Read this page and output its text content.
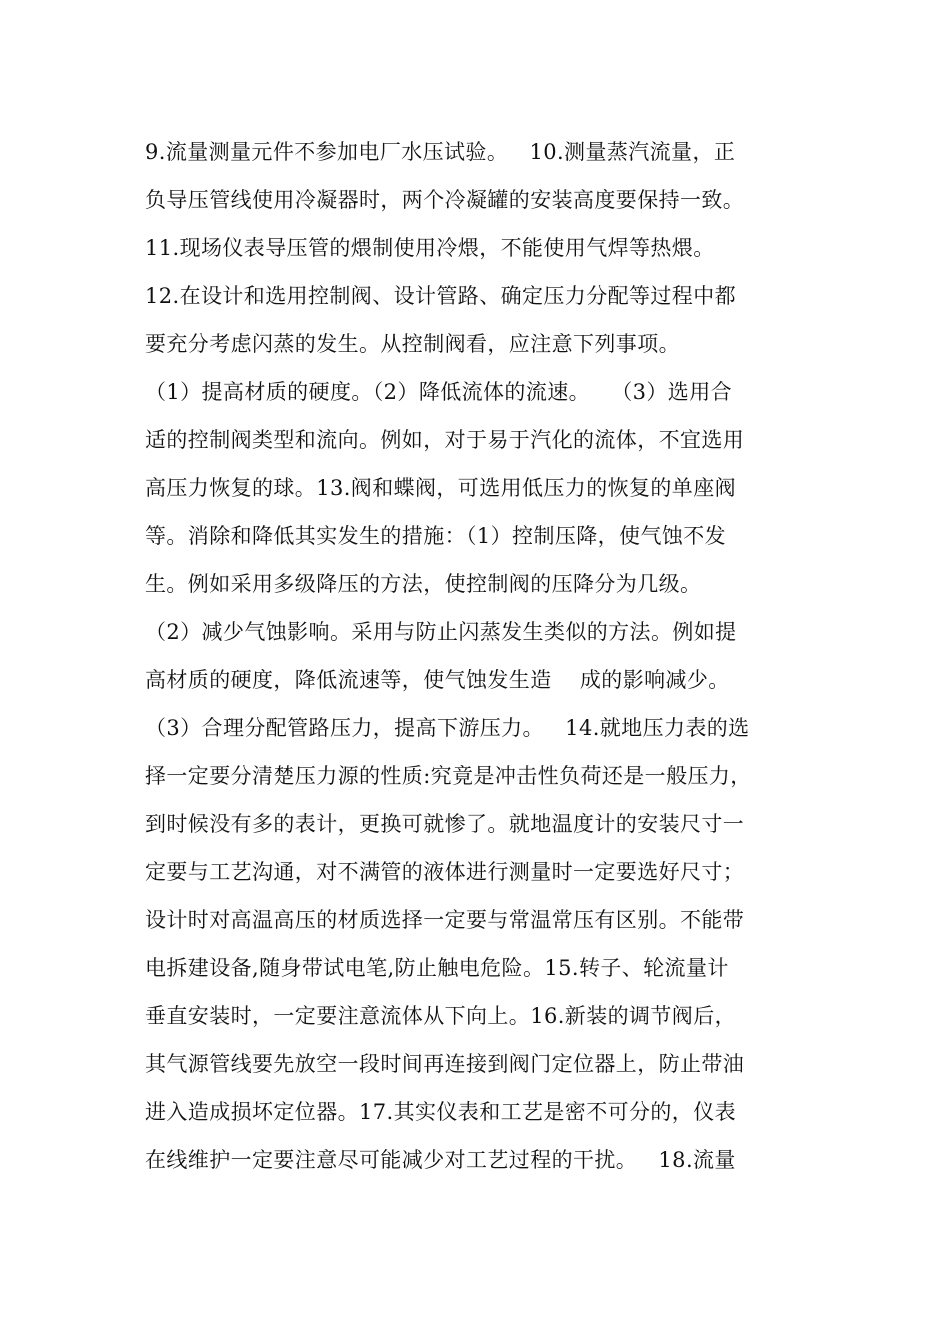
9.流量测量元件不参加电厂水压试验。   10.测量蒸汽流量，正
负导压管线使用冷凝器时，两个冷凝罐的安装高度要保持一致。
11.现场仪表导压管的煨制使用冷煨，不能使用气焊等热煨。
12.在设计和选用控制阀、设计管路、确定压力分配等过程中都
要充分考虑闪蒸的发生。从控制阀看，应注意下列事项。
（1）提高材质的硬度。（2）降低流体的流速。   （3）选用合
适的控制阀类型和流向。例如，对于易于汽化的流体，不宜选用
高压力恢复的球。13.阀和蝶阀，可选用低压力的恢复的单座阀
等。消除和降低其实发生的措施：（1）控制压降，使气蚀不发
生。例如采用多级降压的方法，使控制阀的压降分为几级。
（2）减少气蚀影响。采用与防止闪蒸发生类似的方法。例如提
高材质的硬度，降低流速等，使气蚀发生造    成的影响减少。
（3）合理分配管路压力，提高下游压力。   14.就地压力表的选
择一定要分清楚压力源的性质:究竟是冲击性负荷还是一般压力，
到时候没有多的表计，更换可就惨了。就地温度计的安装尺寸一
定要与工艺沟通，对不满管的液体进行测量时一定要选好尺寸；
设计时对高温高压的材质选择一定要与常温常压有区别。不能带
电拆建设备,随身带试电笔,防止触电危险。15.转子、轮流量计
垂直安装时，一定要注意流体从下向上。16.新装的调节阀后，
其气源管线要先放空一段时间再连接到阀门定位器上，防止带油
进入造成损坏定位器。17.其实仪表和工艺是密不可分的，仪表
在线维护一定要注意尽可能减少对工艺过程的干扰。   18.流量
